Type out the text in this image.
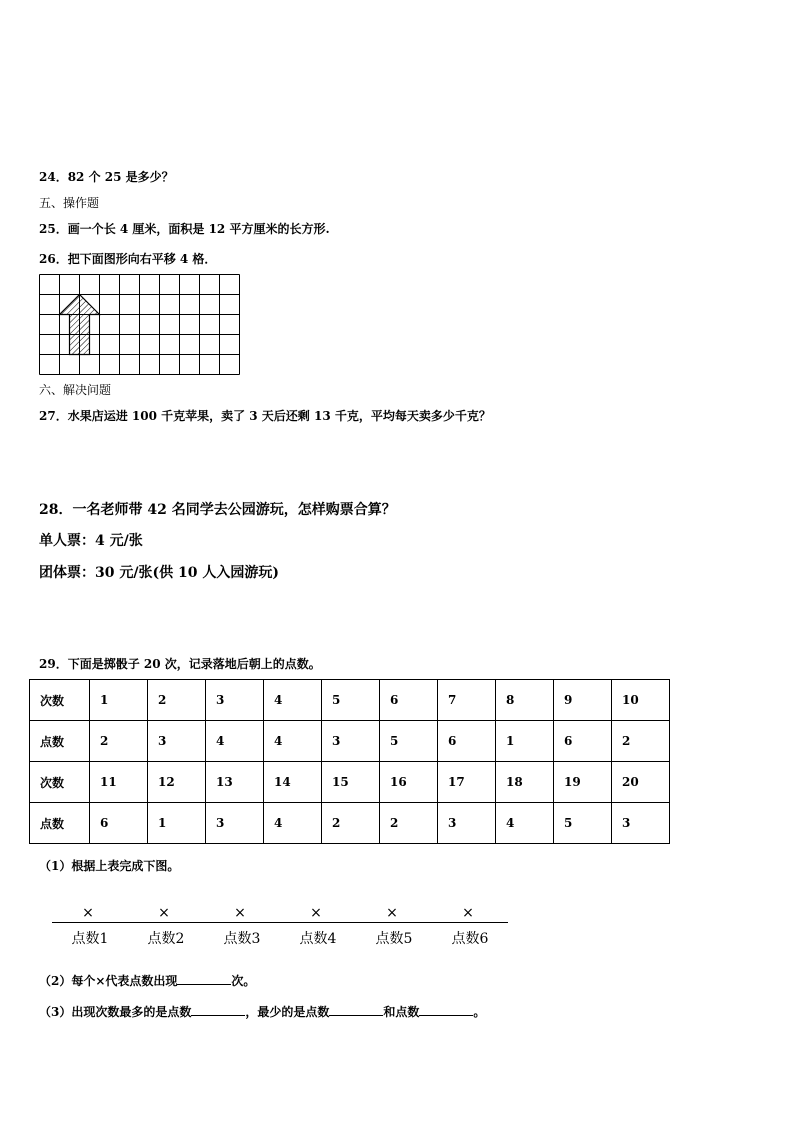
24．82 个 25 是多少？
五、操作题
25．画一个长 4 厘米，面积是 12 平方厘米的长方形.
26．把下面图形向右平移 4 格．
六、解决问题
27．水果店运进 100 千克苹果，卖了 3 天后还剩 13 千克，平均每天卖多少千克？
28．一名老师带 42 名同学去公园游玩，怎样购票合算？
单人票：4 元/张
团体票：30 元/张(供 10 人入园游玩)
29．下面是掷骰子 20 次，记录落地后朝上的点数。
次数	1	2	3	4	5	6	7	8	9	10
点数	2	3	4	4	3	5	6	1	6	2
次数	11	12	13	14	15	16	17	18	19	20
点数	6	1	3	4	2	2	3	4	5	3
（1）根据上表完成下图。
×	×	×	×	×	×
点数1	点数2	点数3	点数4	点数5	点数6
（2）每个×代表点数出现	次。
（3）出现次数最多的是点数	，最少的是点数	和点数	。
